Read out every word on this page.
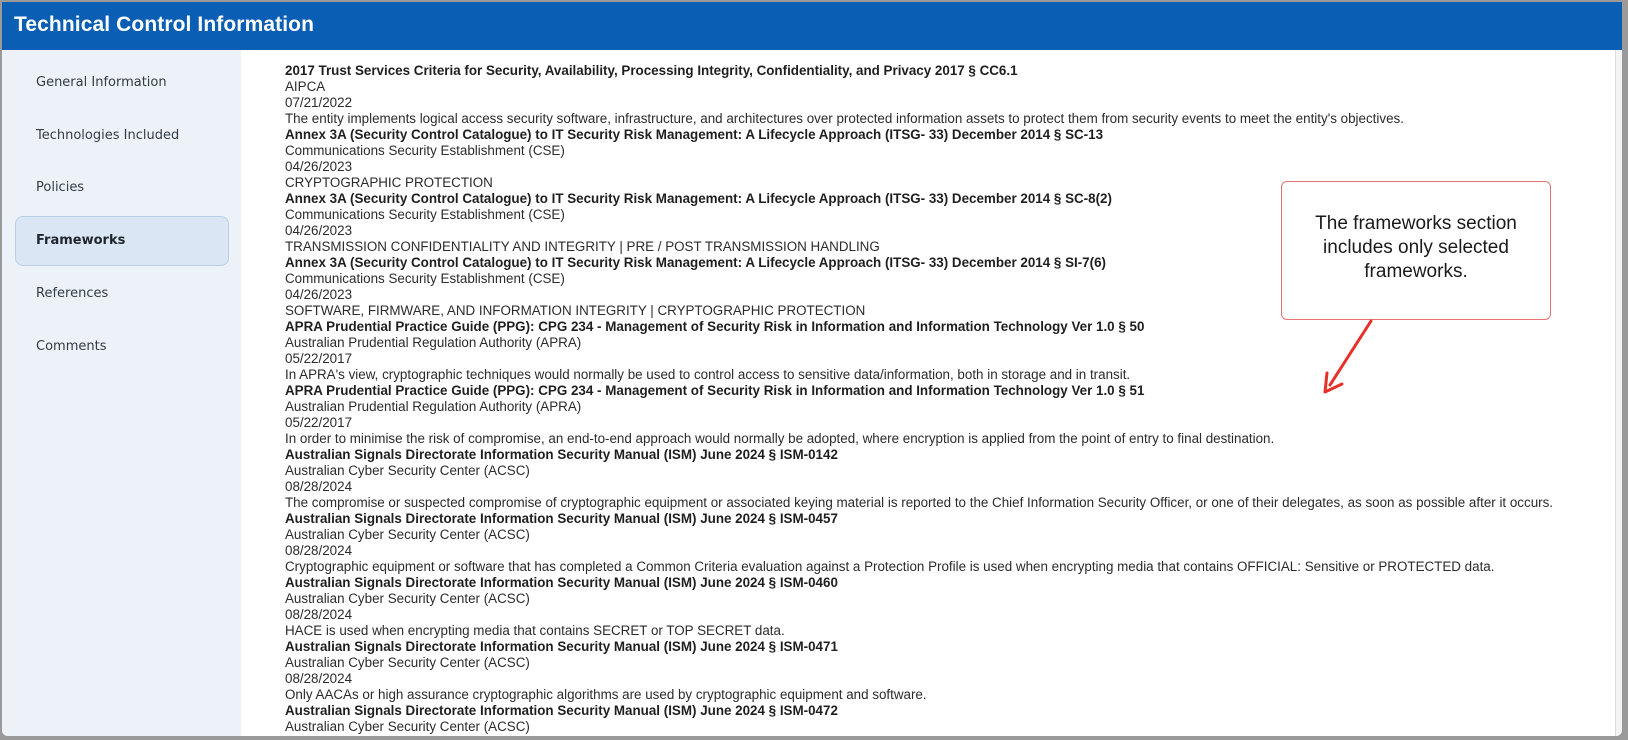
Technical Control Information
General Information
Technologies Included
Policies
Frameworks
References
Comments
2017 Trust Services Criteria for Security, Availability, Processing Integrity, Confidentiality, and Privacy 2017 § CC6.1
AIPCA
07/21/2022
The entity implements logical access security software, infrastructure, and architectures over protected information assets to protect them from security events to meet the entity's objectives.
Annex 3A (Security Control Catalogue) to IT Security Risk Management: A Lifecycle Approach (ITSG- 33) December 2014 § SC-13
Communications Security Establishment (CSE)
04/26/2023
CRYPTOGRAPHIC PROTECTION
Annex 3A (Security Control Catalogue) to IT Security Risk Management: A Lifecycle Approach (ITSG- 33) December 2014 § SC-8(2)
Communications Security Establishment (CSE)
04/26/2023
TRANSMISSION CONFIDENTIALITY AND INTEGRITY | PRE / POST TRANSMISSION HANDLING
Annex 3A (Security Control Catalogue) to IT Security Risk Management: A Lifecycle Approach (ITSG- 33) December 2014 § SI-7(6)
Communications Security Establishment (CSE)
04/26/2023
SOFTWARE, FIRMWARE, AND INFORMATION INTEGRITY | CRYPTOGRAPHIC PROTECTION
APRA Prudential Practice Guide (PPG): CPG 234 - Management of Security Risk in Information and Information Technology Ver 1.0 § 50
Australian Prudential Regulation Authority (APRA)
05/22/2017
In APRA's view, cryptographic techniques would normally be used to control access to sensitive data/information, both in storage and in transit.
APRA Prudential Practice Guide (PPG): CPG 234 - Management of Security Risk in Information and Information Technology Ver 1.0 § 51
Australian Prudential Regulation Authority (APRA)
05/22/2017
In order to minimise the risk of compromise, an end-to-end approach would normally be adopted, where encryption is applied from the point of entry to final destination.
Australian Signals Directorate Information Security Manual (ISM) June 2024 § ISM-0142
Australian Cyber Security Center (ACSC)
08/28/2024
The compromise or suspected compromise of cryptographic equipment or associated keying material is reported to the Chief Information Security Officer, or one of their delegates, as soon as possible after it occurs.
Australian Signals Directorate Information Security Manual (ISM) June 2024 § ISM-0457
Australian Cyber Security Center (ACSC)
08/28/2024
Cryptographic equipment or software that has completed a Common Criteria evaluation against a Protection Profile is used when encrypting media that contains OFFICIAL: Sensitive or PROTECTED data.
Australian Signals Directorate Information Security Manual (ISM) June 2024 § ISM-0460
Australian Cyber Security Center (ACSC)
08/28/2024
HACE is used when encrypting media that contains SECRET or TOP SECRET data.
Australian Signals Directorate Information Security Manual (ISM) June 2024 § ISM-0471
Australian Cyber Security Center (ACSC)
08/28/2024
Only AACAs or high assurance cryptographic algorithms are used by cryptographic equipment and software.
Australian Signals Directorate Information Security Manual (ISM) June 2024 § ISM-0472
Australian Cyber Security Center (ACSC)
The frameworks section includes only selected frameworks.
